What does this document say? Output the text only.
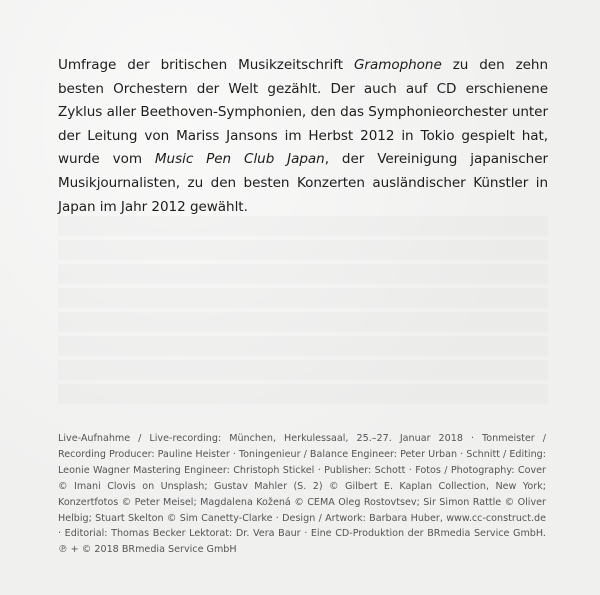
Umfrage der britischen Musikzeitschrift Gramophone zu den zehn besten Orchestern der Welt gezählt. Der auch auf CD erschienene Zyklus aller Beethoven-Symphonien, den das Symphonieorchester unter der Leitung von Mariss Jansons im Herbst 2012 in Tokio gespielt hat, wurde vom Music Pen Club Japan, der Vereinigung japanischer Musikjournalisten, zu den besten Konzerten ausländischer Künstler in Japan im Jahr 2012 gewählt.

Live-Aufnahme / Live-recording: München, Herkulessaal, 25.–27. Januar 2018 · Tonmeister / Recording Producer: Pauline Heister · Toningenieur / Balance Engineer: Peter Urban · Schnitt / Editing: Leonie Wagner Mastering Engineer: Christoph Stickel · Publisher: Schott · Fotos / Photography: Cover © Imani Clovis on Unsplash; Gustav Mahler (S. 2) © Gilbert E. Kaplan Collection, New York; Konzertfotos © Peter Meisel; Magdalena Kožená © CEMA Oleg Rostovtsev; Sir Simon Rattle © Oliver Helbig; Stuart Skelton © Sim Canetty-Clarke · Design / Artwork: Barbara Huber, www.cc-construct.de · Editorial: Thomas Becker Lektorat: Dr. Vera Baur · Eine CD-Produktion der BRmedia Service GmbH. ℗ + © 2018 BRmedia Service GmbH
